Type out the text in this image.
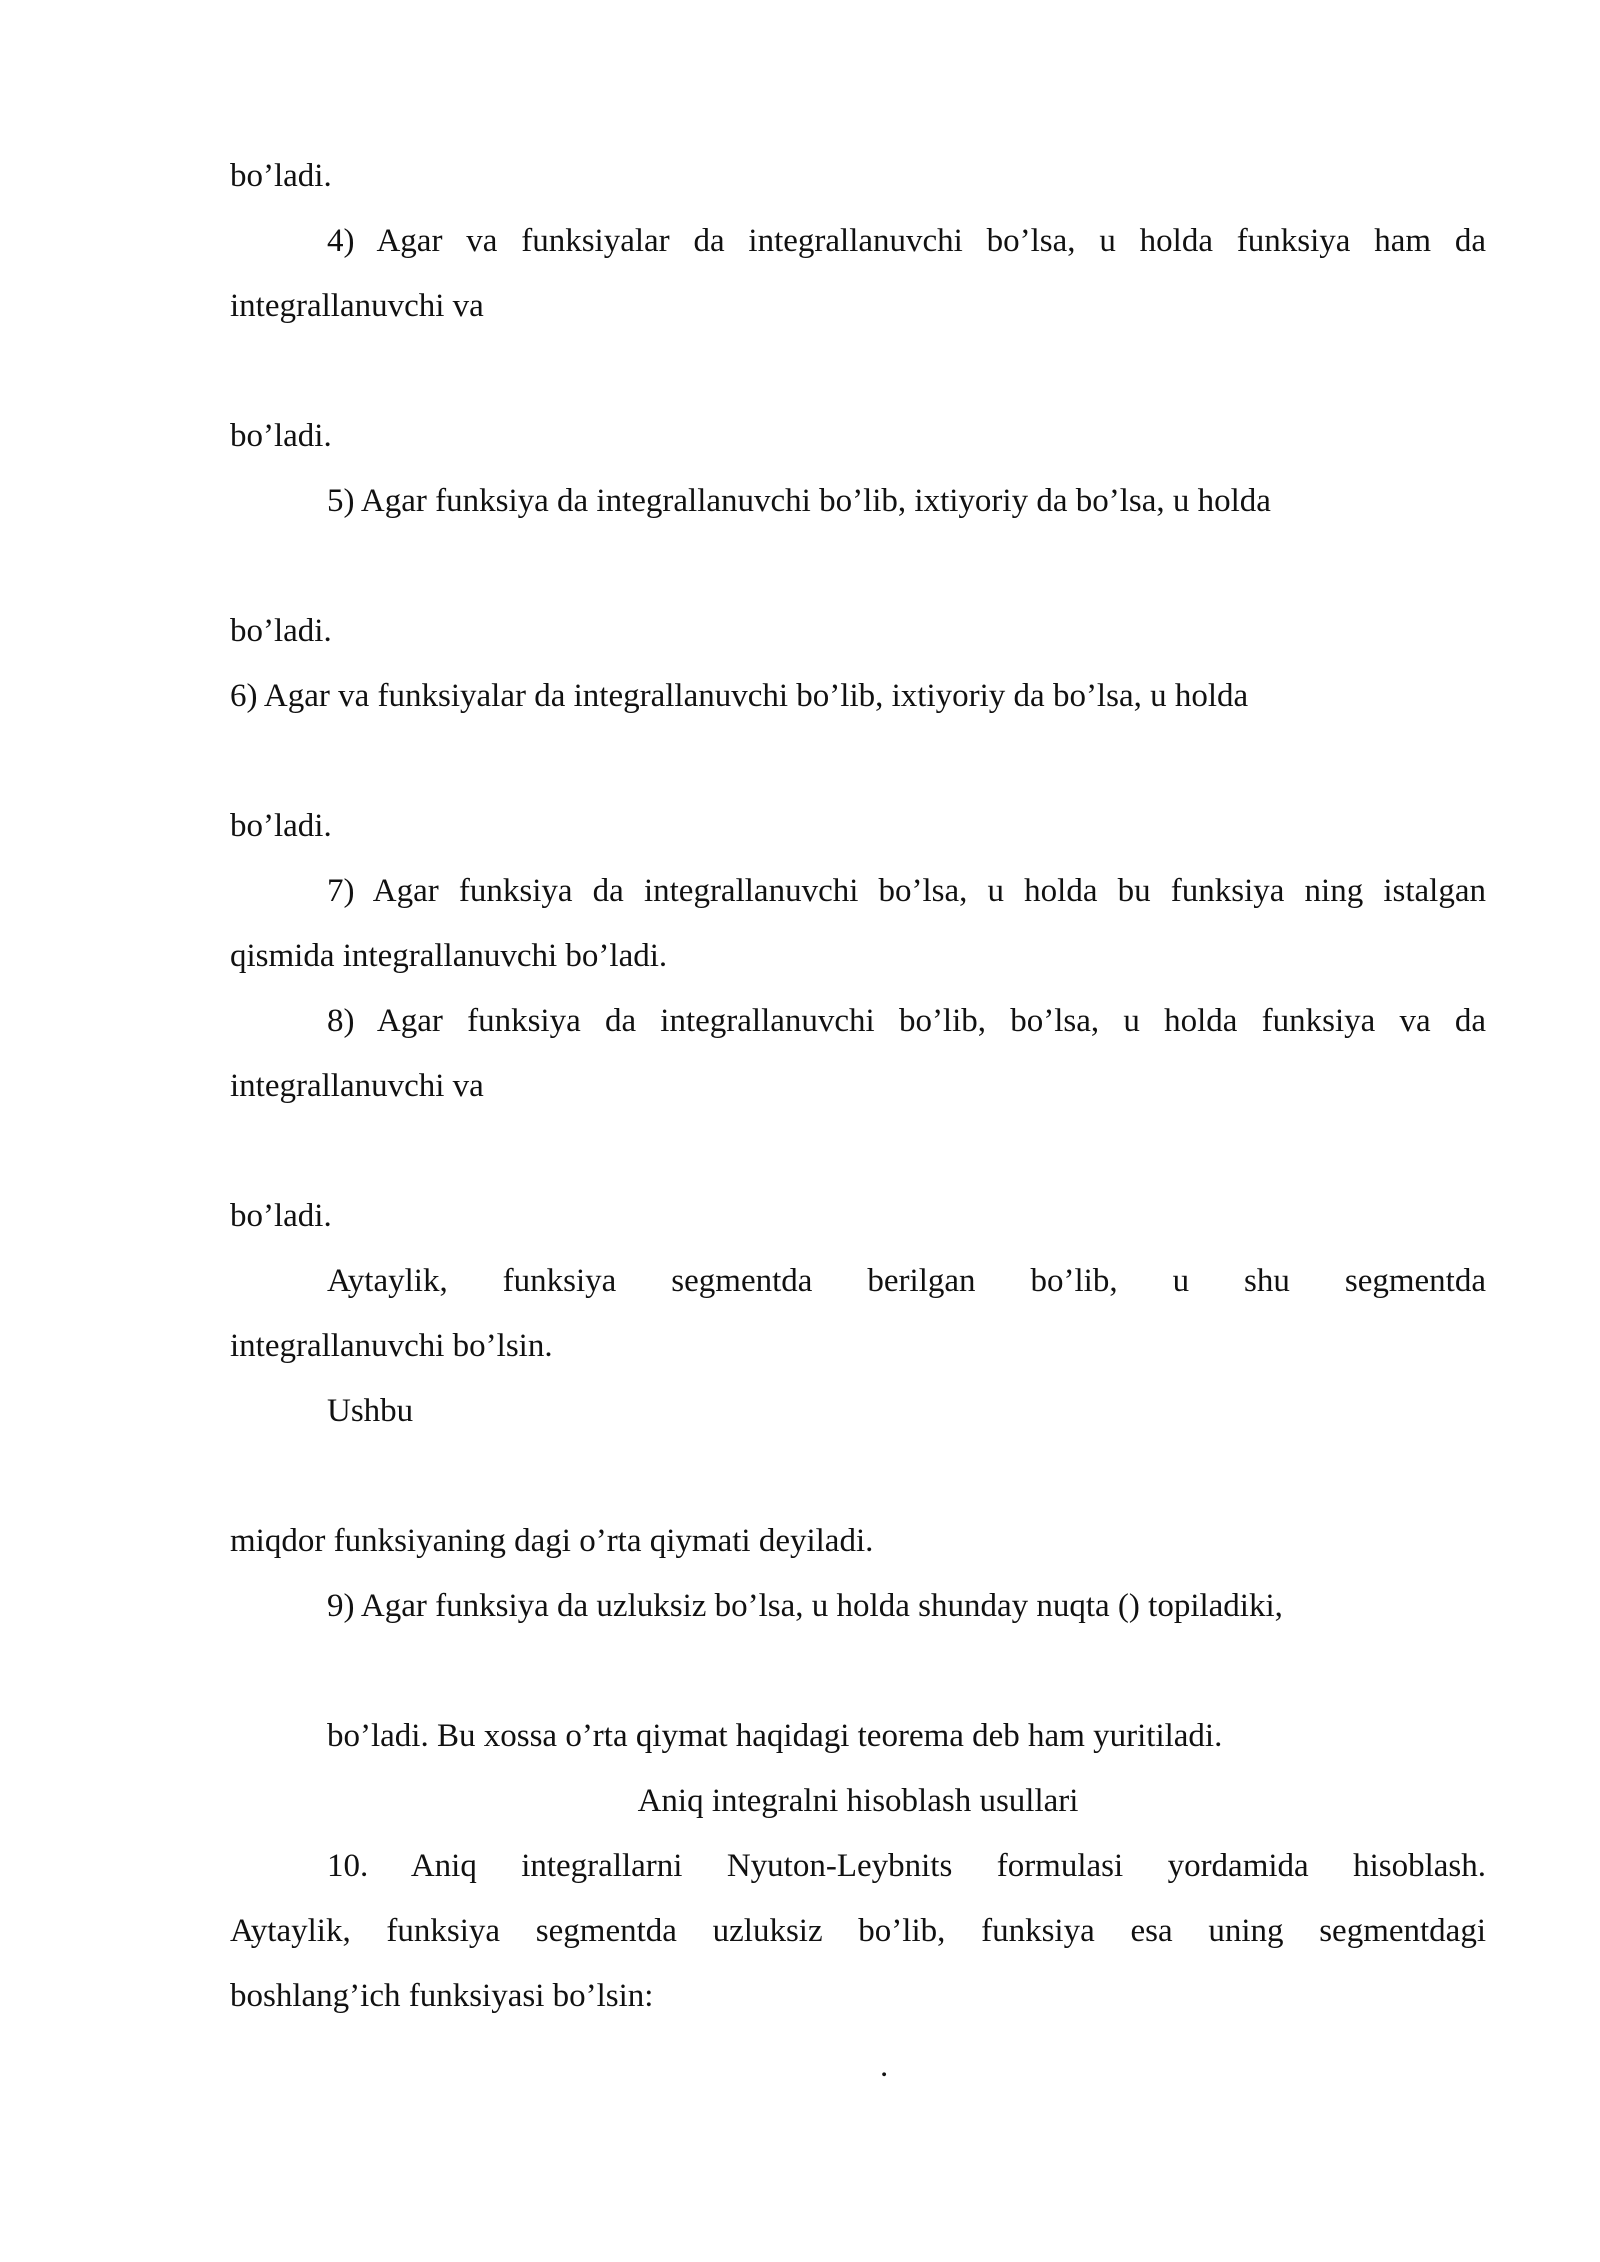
bo’ladi.
4) Agar va funksiyalar da integrallanuvchi bo’lsa, u holda funksiya ham da
integrallanuvchi va
bo’ladi.
5) Agar funksiya da integrallanuvchi bo’lib, ixtiyoriy da bo’lsa, u holda
bo’ladi.
6) Agar va funksiyalar da integrallanuvchi bo’lib, ixtiyoriy da bo’lsa, u holda
bo’ladi.
7) Agar funksiya da integrallanuvchi bo’lsa, u holda bu funksiya ning istalgan
qismida integrallanuvchi bo’ladi.
8) Agar funksiya da integrallanuvchi bo’lib, bo’lsa, u holda funksiya va da
integrallanuvchi va
bo’ladi.
Aytaylik, funksiya segmentda berilgan bo’lib, u shu segmentda
integrallanuvchi bo’lsin.
Ushbu
miqdor funksiyaning dagi o’rta qiymati deyiladi.
9) Agar funksiya da uzluksiz bo’lsa, u holda shunday nuqta () topiladiki,
bo’ladi. Bu xossa o’rta qiymat haqidagi teorema deb ham yuritiladi.
Aniq integralni hisoblash usullari
10. Aniq integrallarni Nyuton-Leybnits formulasi yordamida hisoblash.
Aytaylik, funksiya segmentda uzluksiz bo’lib, funksiya esa uning segmentdagi
boshlang’ich funksiyasi bo’lsin:
.
